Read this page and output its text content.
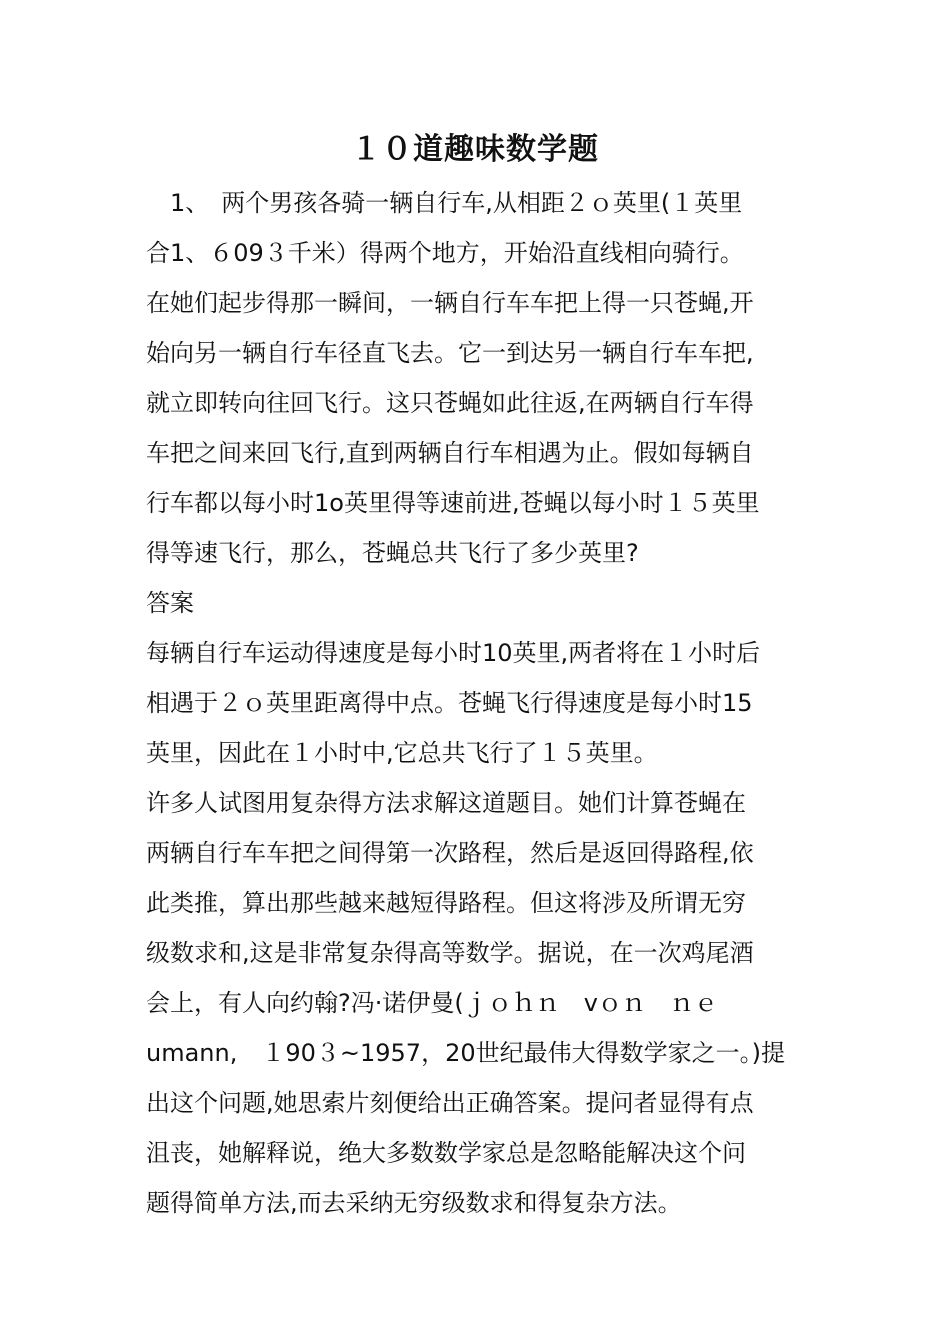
１０道趣味数学题
　1、　两个男孩各骑一辆自行车,从相距２ｏ英里(１英里
合1、６09３千米）得两个地方，开始沿直线相向骑行。
在她们起步得那一瞬间，一辆自行车车把上得一只苍蝇,开
始向另一辆自行车径直飞去。它一到达另一辆自行车车把,
就立即转向往回飞行。这只苍蝇如此往返,在两辆自行车得
车把之间来回飞行,直到两辆自行车相遇为止。假如每辆自
行车都以每小时1o英里得等速前进,苍蝇以每小时１５英里
得等速飞行，那么，苍蝇总共飞行了多少英里?
答案
每辆自行车运动得速度是每小时10英里,两者将在１小时后
相遇于２ｏ英里距离得中点。苍蝇飞行得速度是每小时15
英里，因此在１小时中,它总共飞行了１５英里。
许多人试图用复杂得方法求解这道题目。她们计算苍蝇在
两辆自行车车把之间得第一次路程，然后是返回得路程,依
此类推，算出那些越来越短得路程。但这将涉及所谓无穷
级数求和,这是非常复杂得高等数学。据说，在一次鸡尾酒
会上，有人向约翰?冯·诺伊曼(ｊｏｈｎ　vｏｎ　ｎｅ
umann,　１90３~1957，20世纪最伟大得数学家之一。)提
出这个问题,她思索片刻便给出正确答案。提问者显得有点
沮丧，她解释说，绝大多数数学家总是忽略能解决这个问
题得简单方法,而去采纳无穷级数求和得复杂方法。
